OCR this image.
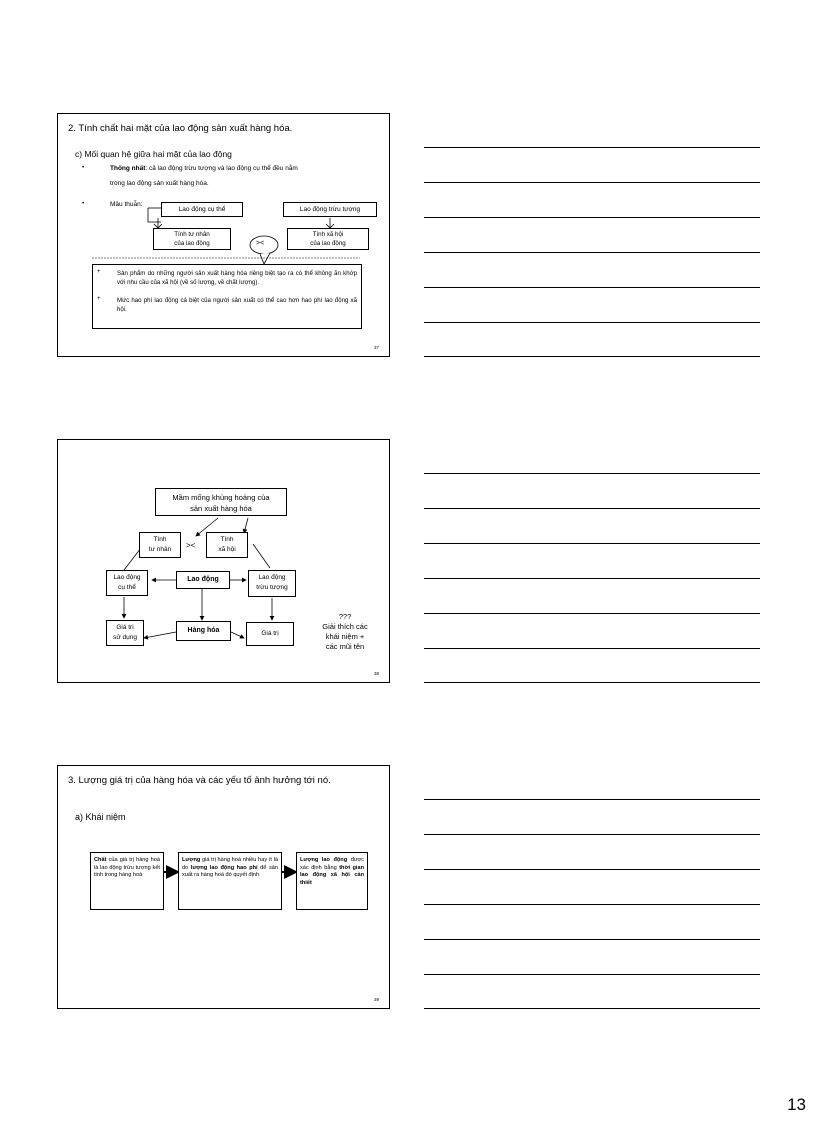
2. Tính chất hai mặt của lao động sản xuất hàng hóa.
c) Mối quan hệ giữa hai mặt của lao động
•	Thống nhất: cả lao động trừu tượng và lao động cụ thể đều nằm
trong lao động sản xuất hàng hóa.
•	Mâu thuẫn:
Lao động cụ thể	Lao động trừu tượng
Tính tư nhân
của lao động
Tính xã hội
của lao động
><
+	Sản phẩm do những người sản xuất hàng hóa riêng biệt tạo ra có thể không ăn khớp với nhu cầu của xã hội (về số lượng, về chất lượng).
+	Mức hao phí lao động cá biệt của người sản xuất có thể cao hơn hao phí lao động xã hội.
37
Mầm mống khủng hoảng của
sản xuất hàng hóa
Tính
tư nhân	><
Tính
xã hội
Lao động
cụ thể
Lao động	Lao động
trừu tượng
Giá trị
sử dụng
Hàng hóa	Giá trị
???
Giải thích các
khái niệm +
các mũi tên
38
3. Lượng giá trị của hàng hóa và các yếu tố ảnh hưởng tới nó.
a) Khái niệm
Chất của giá trị hàng hoá là lao động trừu tượng kết tinh trong hàng hoá
Lượng giá trị hàng hoá nhiều hay ít là do lượng lao động hao phí để sản xuất ra hàng hoá đó quyết định
Lượng lao động được xác định bằng thời gian lao động xã hội cần thiết
39
13
